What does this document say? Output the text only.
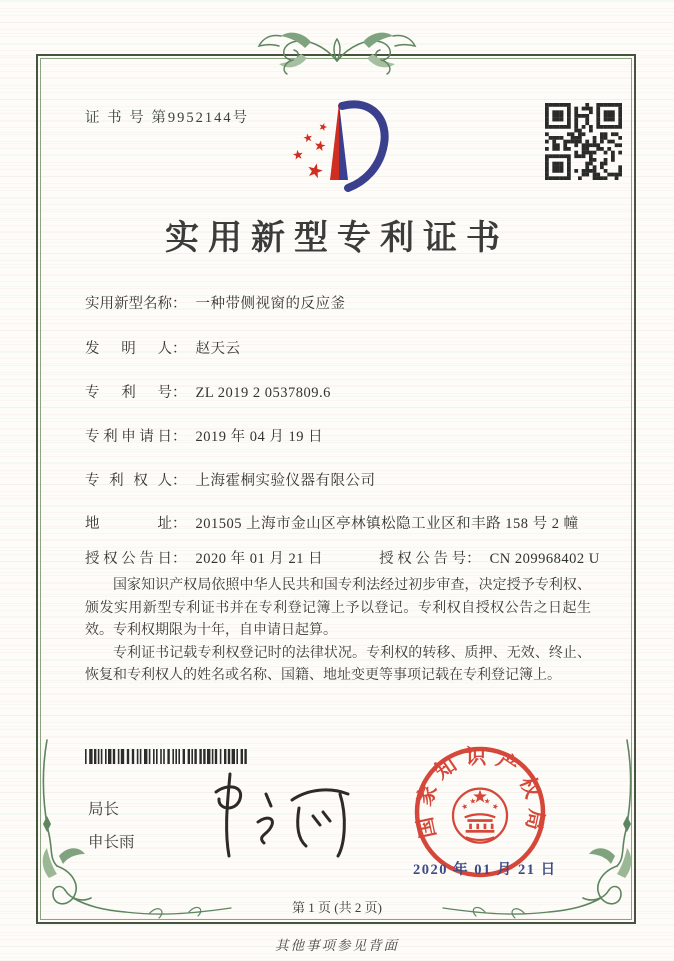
证 书 号 第9952144号
实用新型专利证书
实用新型名称： 一种带侧视窗的反应釜
发明人： 赵天云
专利号： ZL 2019 2 0537809.6
专利申请日： 2019 年 04 月 19 日
专利权人： 上海霍桐实验仪器有限公司
地址： 201505 上海市金山区亭林镇松隐工业区和丰路 158 号 2 幢
授权公告日： 2020 年 01 月 21 日	授权公告号： CN 209968402 U

国家知识产权局依照中华人民共和国专利法经过初步审查，决定授予专利权、颁发实用新型专利证书并在专利登记簿上予以登记。专利权自授权公告之日起生效。专利权期限为十年，自申请日起算。

专利证书记载专利权登记时的法律状况。专利权的转移、质押、无效、终止、恢复和专利权人的姓名或名称、国籍、地址变更等事项记载在专利登记簿上。

局长
申长雨
国家知识产权局
2020 年 01 月 21 日
第 1 页 (共 2 页)
其他事项参见背面
